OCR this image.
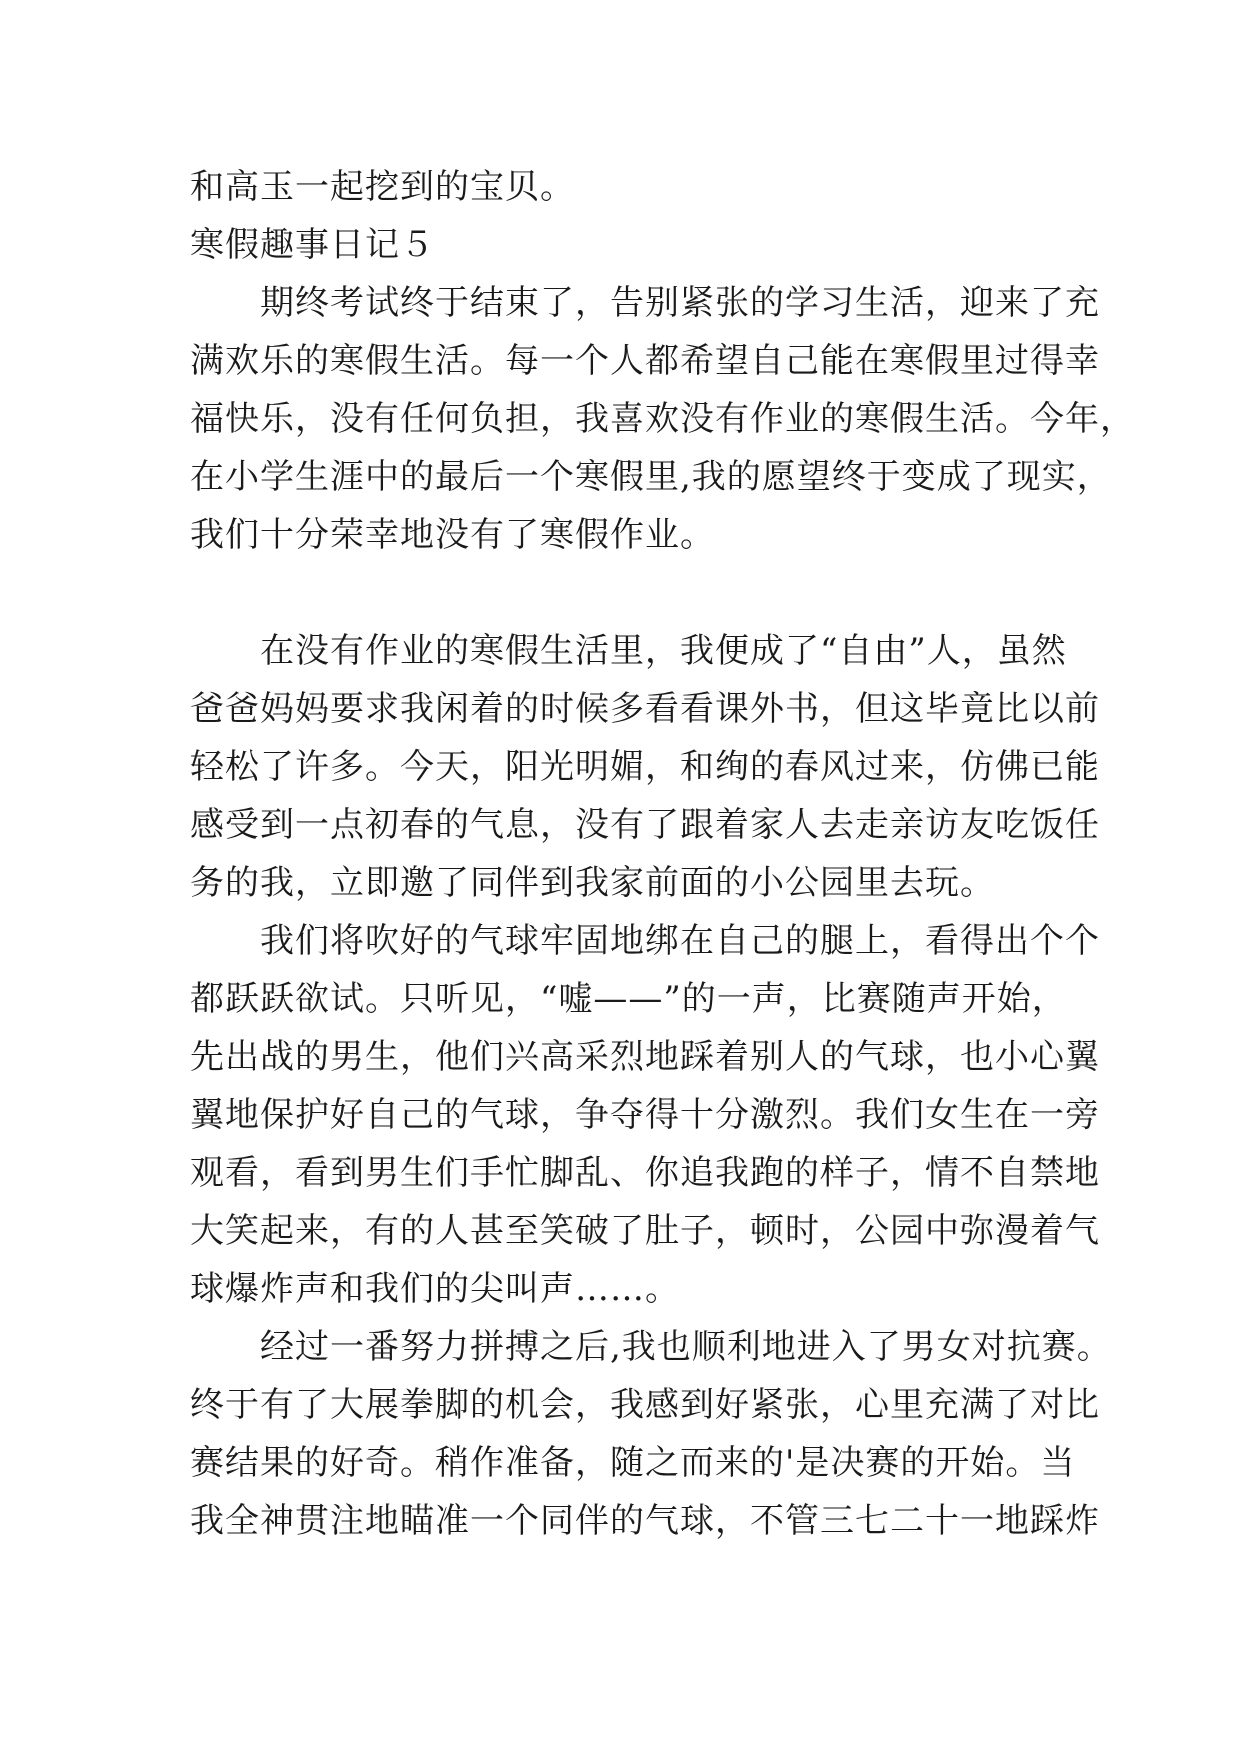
和高玉一起挖到的宝贝。
寒假趣事日记５
期终考试终于结束了，告别紧张的学习生活，迎来了充
满欢乐的寒假生活。每一个人都希望自己能在寒假里过得幸
福快乐，没有任何负担，我喜欢没有作业的寒假生活。今年，
在小学生涯中的最后一个寒假里,我的愿望终于变成了现实，
我们十分荣幸地没有了寒假作业。
在没有作业的寒假生活里，我便成了“自由”人，虽然
爸爸妈妈要求我闲着的时候多看看课外书，但这毕竟比以前
轻松了许多。今天，阳光明媚，和绚的春风过来，仿佛已能
感受到一点初春的气息，没有了跟着家人去走亲访友吃饭任
务的我，立即邀了同伴到我家前面的小公园里去玩。
我们将吹好的气球牢固地绑在自己的腿上，看得出个个
都跃跃欲试。只听见，“嘘——”的一声，比赛随声开始，
先出战的男生，他们兴高采烈地踩着别人的气球，也小心翼
翼地保护好自己的气球，争夺得十分激烈。我们女生在一旁
观看，看到男生们手忙脚乱、你追我跑的样子，情不自禁地
大笑起来，有的人甚至笑破了肚子，顿时，公园中弥漫着气
球爆炸声和我们的尖叫声……。
经过一番努力拼搏之后,我也顺利地进入了男女对抗赛。
终于有了大展拳脚的机会，我感到好紧张，心里充满了对比
赛结果的好奇。稍作准备，随之而来的'是决赛的开始。当
我全神贯注地瞄准一个同伴的气球，不管三七二十一地踩炸
